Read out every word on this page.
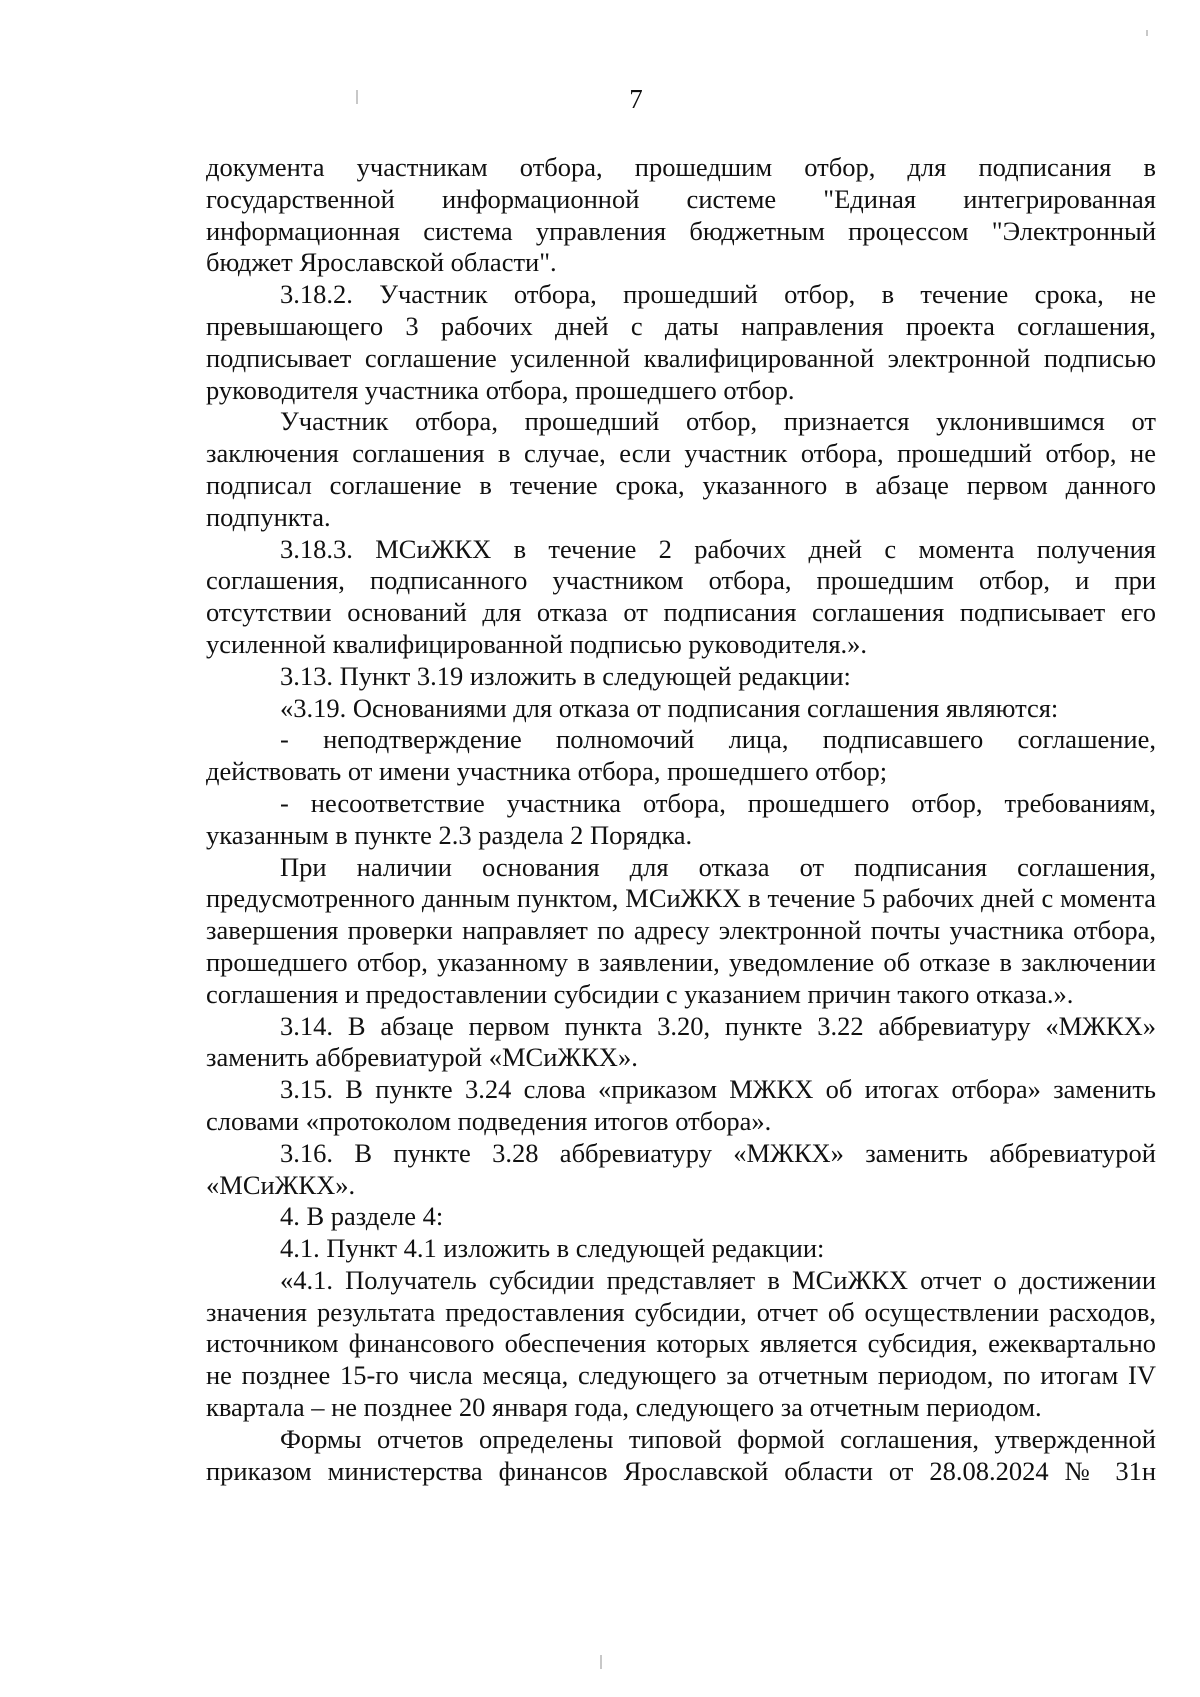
7

документа участникам отбора, прошедшим отбор, для подписания в государственной информационной системе "Единая интегрированная информационная система управления бюджетным процессом "Электронный бюджет Ярославской области".

3.18.2. Участник отбора, прошедший отбор, в течение срока, не превышающего 3 рабочих дней с даты направления проекта соглашения, подписывает соглашение усиленной квалифицированной электронной подписью руководителя участника отбора, прошедшего отбор.

Участник отбора, прошедший отбор, признается уклонившимся от заключения соглашения в случае, если участник отбора, прошедший отбор, не подписал соглашение в течение срока, указанного в абзаце первом данного подпункта.

3.18.3. МСиЖКХ в течение 2 рабочих дней с момента получения соглашения, подписанного участником отбора, прошедшим отбор, и при отсутствии оснований для отказа от подписания соглашения подписывает его усиленной квалифицированной подписью руководителя.».

3.13. Пункт 3.19 изложить в следующей редакции:

«3.19. Основаниями для отказа от подписания соглашения являются:

- неподтверждение полномочий лица, подписавшего соглашение, действовать от имени участника отбора, прошедшего отбор;

- несоответствие участника отбора, прошедшего отбор, требованиям, указанным в пункте 2.3 раздела 2 Порядка.

При наличии основания для отказа от подписания соглашения, предусмотренного данным пунктом, МСиЖКХ в течение 5 рабочих дней с момента завершения проверки направляет по адресу электронной почты участника отбора, прошедшего отбор, указанному в заявлении, уведомление об отказе в заключении соглашения и предоставлении субсидии с указанием причин такого отказа.».

3.14. В абзаце первом пункта 3.20, пункте 3.22 аббревиатуру «МЖКХ» заменить аббревиатурой «МСиЖКХ».

3.15. В пункте 3.24 слова «приказом МЖКХ об итогах отбора» заменить словами «протоколом подведения итогов отбора».

3.16. В пункте 3.28 аббревиатуру «МЖКХ» заменить аббревиатурой «МСиЖКХ».

4. В разделе 4:

4.1. Пункт 4.1 изложить в следующей редакции:

«4.1. Получатель субсидии представляет в МСиЖКХ отчет о достижении значения результата предоставления субсидии, отчет об осуществлении расходов, источником финансового обеспечения которых является субсидия, ежеквартально не позднее 15-го числа месяца, следующего за отчетным периодом, по итогам IV квартала – не позднее 20 января года, следующего за отчетным периодом.

Формы отчетов определены типовой формой соглашения, утвержденной приказом министерства финансов Ярославской области от 28.08.2024 № 31н
